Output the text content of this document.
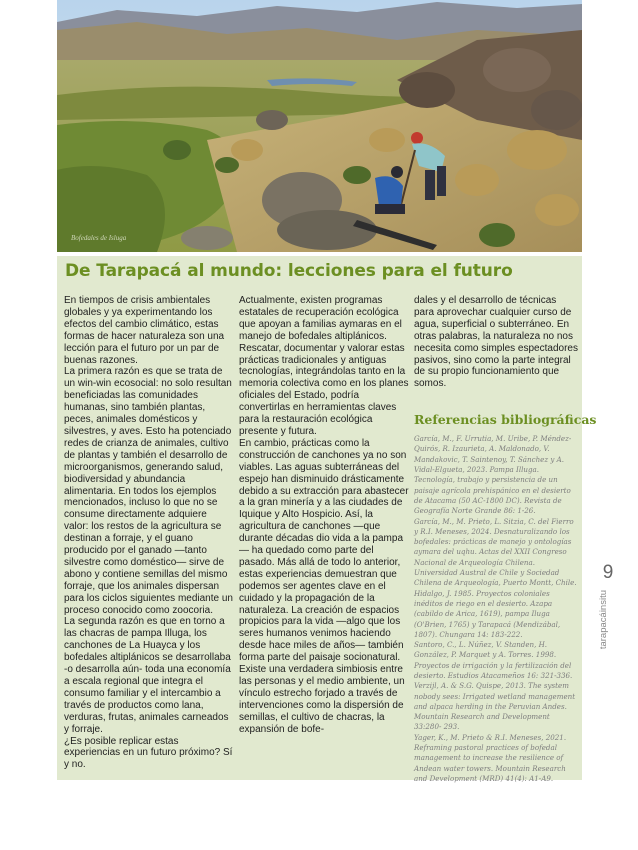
Bofedales de Isluga
De Tarapacá al mundo: lecciones para el futuro

En tiempos de crisis ambientales globales y ya experimentando los efectos del cambio climático, estas formas de hacer naturaleza son una lección para el futuro por un par de buenas razones.

La primera razón es que se trata de un win-win ecosocial: no solo resultan beneficiadas las comunidades humanas, sino también plantas, peces, animales domésticos y silvestres, y aves. Esto ha potenciado redes de crianza de animales, cultivo de plantas y también el desarrollo de microorganismos, generando salud, biodiversidad y abundancia alimentaria. En todos los ejemplos mencionados, incluso lo que no se consume directamente adquiere valor: los restos de la agricultura se destinan a forraje, y el guano producido por el ganado —tanto silvestre como doméstico— sirve de abono y contiene semillas del mismo forraje, que los animales dispersan para los ciclos siguientes mediante un proceso conocido como zoocoria.

La segunda razón es que en torno a las chacras de pampa Illuga, los canchones de La Huayca y los bofedales altiplánicos se desarrollaba -o desarrolla aún- toda una economía a escala regional que integra el consumo familiar y el intercambio a través de productos como lana, verduras, frutas, animales carneados y forraje.

¿Es posible replicar estas experiencias en un futuro próximo? Sí y no.

Actualmente, existen programas estatales de recuperación ecológica que apoyan a familias aymaras en el manejo de bofedales altiplánicos. Rescatar, documentar y valorar estas prácticas tradicionales y antiguas tecnologías, integrándolas tanto en la memoria colectiva como en los planes oficiales del Estado, podría convertirlas en herramientas claves para la restauración ecológica presente y futura.

En cambio, prácticas como la construcción de canchones ya no son viables. Las aguas subterráneas del espejo han disminuido drásticamente debido a su extracción para abastecer a la gran minería y a las ciudades de Iquique y Alto Hospicio. Así, la agricultura de canchones —que durante décadas dio vida a la pampa— ha quedado como parte del pasado. Más allá de todo lo anterior, estas experiencias demuestran que podemos ser agentes clave en el cuidado y la propagación de la naturaleza. La creación de espacios propicios para la vida —algo que los seres humanos venimos haciendo desde hace miles de años— también forma parte del paisaje socionatural. Existe una verdadera simbiosis entre las personas y el medio ambiente, un vínculo estrecho forjado a través de intervenciones como la dispersión de semillas, el cultivo de chacras, la expansión de bofe-

dales y el desarrollo de técnicas para aprovechar cualquier curso de agua, superficial o subterráneo. En otras palabras, la naturaleza no nos necesita como simples espectadores pasivos, sino como la parte integral de su propio funcionamiento que somos.

Referencias bibliográficas

García, M., F. Urrutia, M. Uribe, P. Méndez-Quirós, R. Izaurieta, A. Maldonado, V. Mandakovic, T. Saintenoy, T. Sánchez y A. Vidal-Elgueta, 2023. Pampa Illuga. Tecnología, trabajo y persistencia de un paisaje agrícola prehispánico en el desierto de Atacama (50 AC-1800 DC). Revista de Geografía Norte Grande 86: 1-26.

García, M., M. Prieto, L. Sitzia, C. del Fierro y R.I. Meneses, 2024. Desnaturalizando los bofedales: prácticas de manejo y ontologías aymara del uqhu. Actas del XXII Congreso Nacional de Arqueología Chilena. Universidad Austral de Chile y Sociedad Chilena de Arqueología, Puerto Montt, Chile.

Hidalgo, J. 1985. Proyectos coloniales inéditos de riego en el desierto. Azapa (cabildo de Arica, 1619), pampa Iluga (O'Brien, 1765) y Tarapacá (Mendizábal, 1807). Chungara 14: 183-222.

Santoro, C., L. Núñez, V. Standen, H. González, P. Marquet y A. Torres. 1998. Proyectos de irrigación y la fertilización del desierto. Estudios Atacameños 16: 321-336.

Verzijl, A. & S.G. Quispe, 2013. The system nobody sees: Irrigated wetland management and alpaca herding in the Peruvian Andes. Mountain Research and Development 33:280- 293.

Yager, K., M. Prieto & R.I. Meneses, 2021. Reframing pastoral practices of bofedal management to increase the resilience of Andean water towers. Mountain Research and Development (MRD) 41(4): A1-A9.

9
tarapacáinsitu
